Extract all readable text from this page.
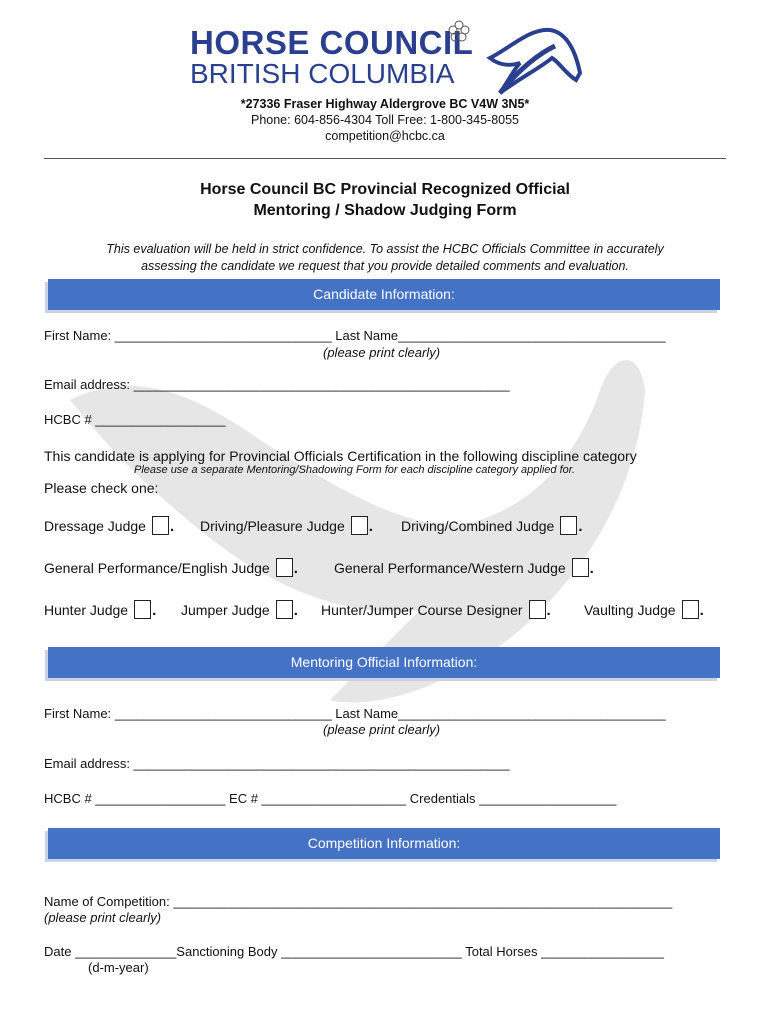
HORSE COUNCIL
BRITISH COLUMBIA
*27336 Fraser Highway Aldergrove BC V4W 3N5*
Phone: 604-856-4304 Toll Free: 1-800-345-8055
competition@hcbc.ca
Horse Council BC Provincial Recognized Official
Mentoring / Shadow Judging Form
This evaluation will be held in strict confidence. To assist the HCBC Officials Committee in accurately
assessing the candidate we request that you provide detailed comments and evaluation.
Candidate Information:
First Name: ______________________________ Last Name_____________________________________
(please print clearly)
Email address: ____________________________________________________
HCBC # __________________
This candidate is applying for Provincial Officials Certification in the following discipline category
Please use a separate Mentoring/Shadowing Form for each discipline category applied for.
Please check one:
Dressage Judge .	Driving/Pleasure Judge .	Driving/Combined Judge .
General Performance/English Judge .	General Performance/Western Judge .
Hunter Judge .	Jumper Judge .	Hunter/Jumper Course Designer .	Vaulting Judge .
Mentoring Official Information:
First Name: ______________________________ Last Name_____________________________________
(please print clearly)
Email address: ____________________________________________________
HCBC # __________________ EC # ____________________ Credentials ___________________
Competition Information:
Name of Competition: _____________________________________________________________________
(please print clearly)
Date ______________Sanctioning Body _________________________ Total Horses _________________
(d-m-year)
